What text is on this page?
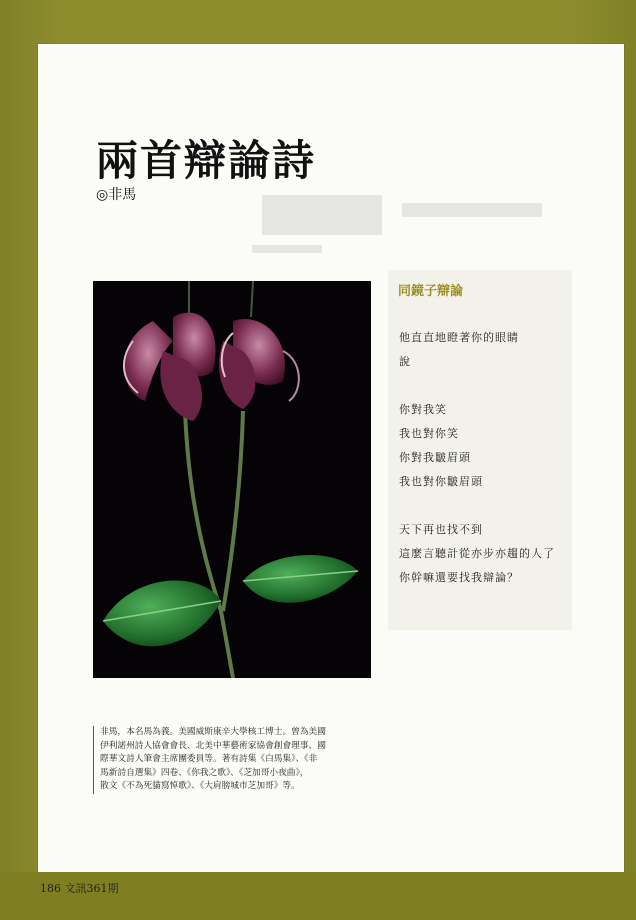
兩首辯論詩
◎非馬
同鏡子辯論
他直直地瞪著你的眼睛
說
你對我笑
我也對你笑
你對我皺眉頭
我也對你皺眉頭
天下再也找不到
這麼言聽計從亦步亦趨的人了
你幹嘛還要找我辯論？
非馬，本名馬為義。美國威斯康辛大學核工博士。曾為美國
伊利諾州詩人協會會長、北美中華藝術家協會創會理事、國
際華文詩人筆會主席團委員等。著有詩集《白馬集》、《非
馬新詩自選集》四卷、《你我之歌》、《芝加哥小夜曲》，
散文《不為死貓寫悼歌》、《大肩膀城市芝加哥》等。
186 文訊361期
